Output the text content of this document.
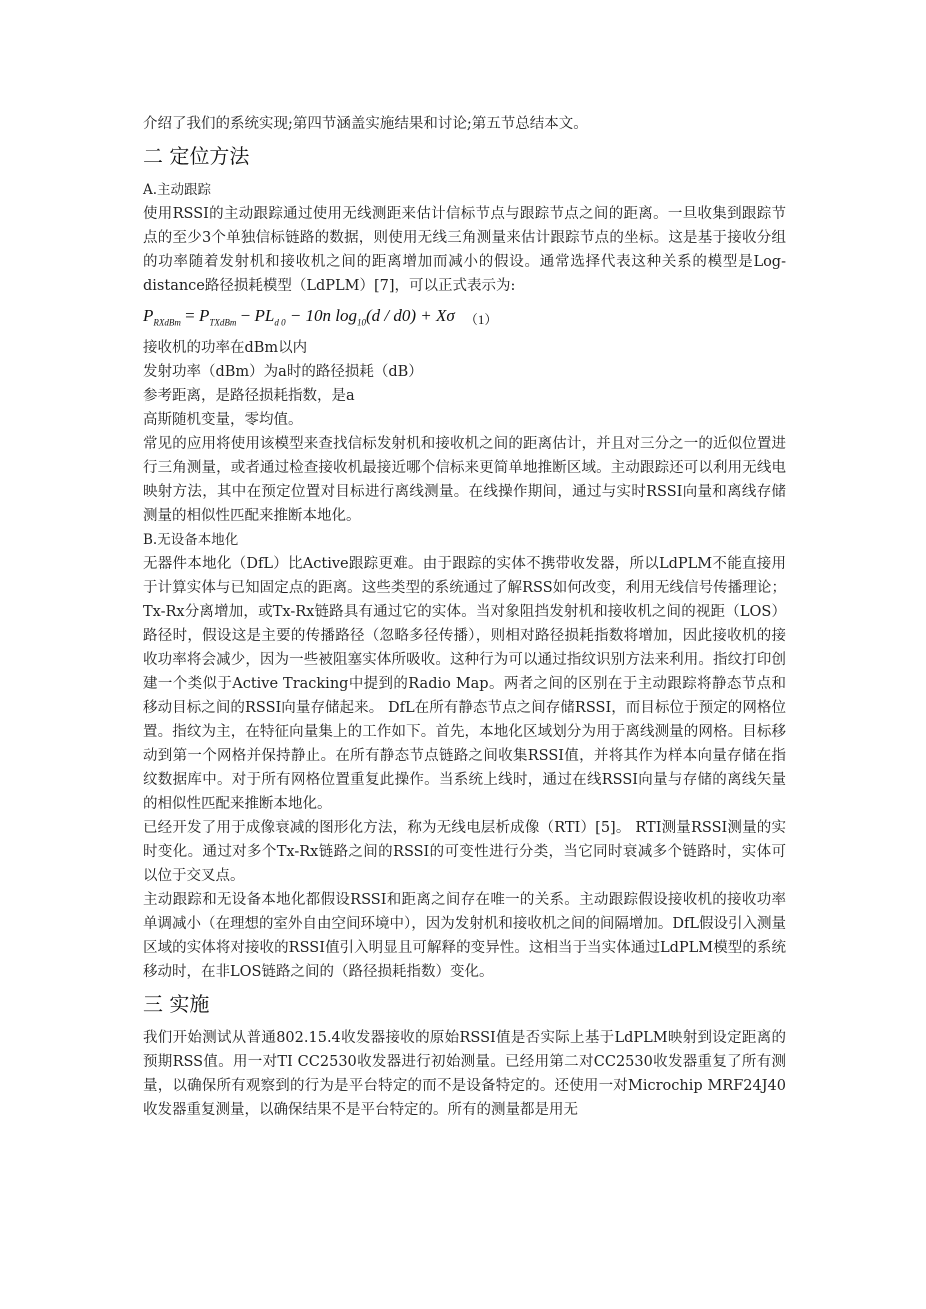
介绍了我们的系统实现;第四节涵盖实施结果和讨论;第五节总结本文。

二 定位方法

A.主动跟踪

使用RSSI的主动跟踪通过使用无线测距来估计信标节点与跟踪节点之间的距离。一旦收集到跟踪节点的至少3个单独信标链路的数据，则使用无线三角测量来估计跟踪节点的坐标。这是基于接收分组的功率随着发射机和接收机之间的距离增加而减小的假设。通常选择代表这种关系的模型是Log-distance路径损耗模型（LdPLM）[7]，可以正式表示为:

$P_{RXdBm} = P_{TXdBm} - PL_{d 0} - 10n$ $\log_{10}(d / d0) + X\sigma$ （1）

接收机的功率在dBm以内

发射功率（dBm）为a时的路径损耗（dB）

参考距离，是路径损耗指数，是a

高斯随机变量，零均值。

常见的应用将使用该模型来查找信标发射机和接收机之间的距离估计，并且对三分之一的近似位置进行三角测量，或者通过检查接收机最接近哪个信标来更简单地推断区域。主动跟踪还可以利用无线电映射方法，其中在预定位置对目标进行离线测量。在线操作期间，通过与实时RSSI向量和离线存储测量的相似性匹配来推断本地化。

B.无设备本地化

无器件本地化（DfL）比Active跟踪更难。由于跟踪的实体不携带收发器，所以LdPLM不能直接用于计算实体与已知固定点的距离。这些类型的系统通过了解RSS如何改变，利用无线信号传播理论；Tx-Rx分离增加，或Tx-Rx链路具有通过它的实体。当对象阻挡发射机和接收机之间的视距（LOS）路径时，假设这是主要的传播路径（忽略多径传播），则相对路径损耗指数将增加，因此接收机的接收功率将会减少，因为一些被阻塞实体所吸收。这种行为可以通过指纹识别方法来利用。指纹打印创建一个类似于Active Tracking中提到的Radio Map。两者之间的区别在于主动跟踪将静态节点和移动目标之间的RSSI向量存储起来。 DfL在所有静态节点之间存储RSSI，而目标位于预定的网格位置。指纹为主，在特征向量集上的工作如下。首先，本地化区域划分为用于离线测量的网格。目标移动到第一个网格并保持静止。在所有静态节点链路之间收集RSSI值，并将其作为样本向量存储在指纹数据库中。对于所有网格位置重复此操作。当系统上线时，通过在线RSSI向量与存储的离线矢量的相似性匹配来推断本地化。

已经开发了用于成像衰减的图形化方法，称为无线电层析成像（RTI）[5]。 RTI测量RSSI测量的实时变化。通过对多个Tx-Rx链路之间的RSSI的可变性进行分类，当它同时衰减多个链路时，实体可以位于交叉点。

主动跟踪和无设备本地化都假设RSSI和距离之间存在唯一的关系。主动跟踪假设接收机的接收功率单调减小（在理想的室外自由空间环境中），因为发射机和接收机之间的间隔增加。DfL假设引入测量区域的实体将对接收的RSSI值引入明显且可解释的变异性。这相当于当实体通过LdPLM模型的系统移动时，在非LOS链路之间的（路径损耗指数）变化。

三 实施

我们开始测试从普通802.15.4收发器接收的原始RSSI值是否实际上基于LdPLM映射到设定距离的预期RSS值。用一对TI CC2530收发器进行初始测量。已经用第二对CC2530收发器重复了所有测量，以确保所有观察到的行为是平台特定的而不是设备特定的。还使用一对Microchip MRF24J40收发器重复测量，以确保结果不是平台特定的。所有的测量都是用无
